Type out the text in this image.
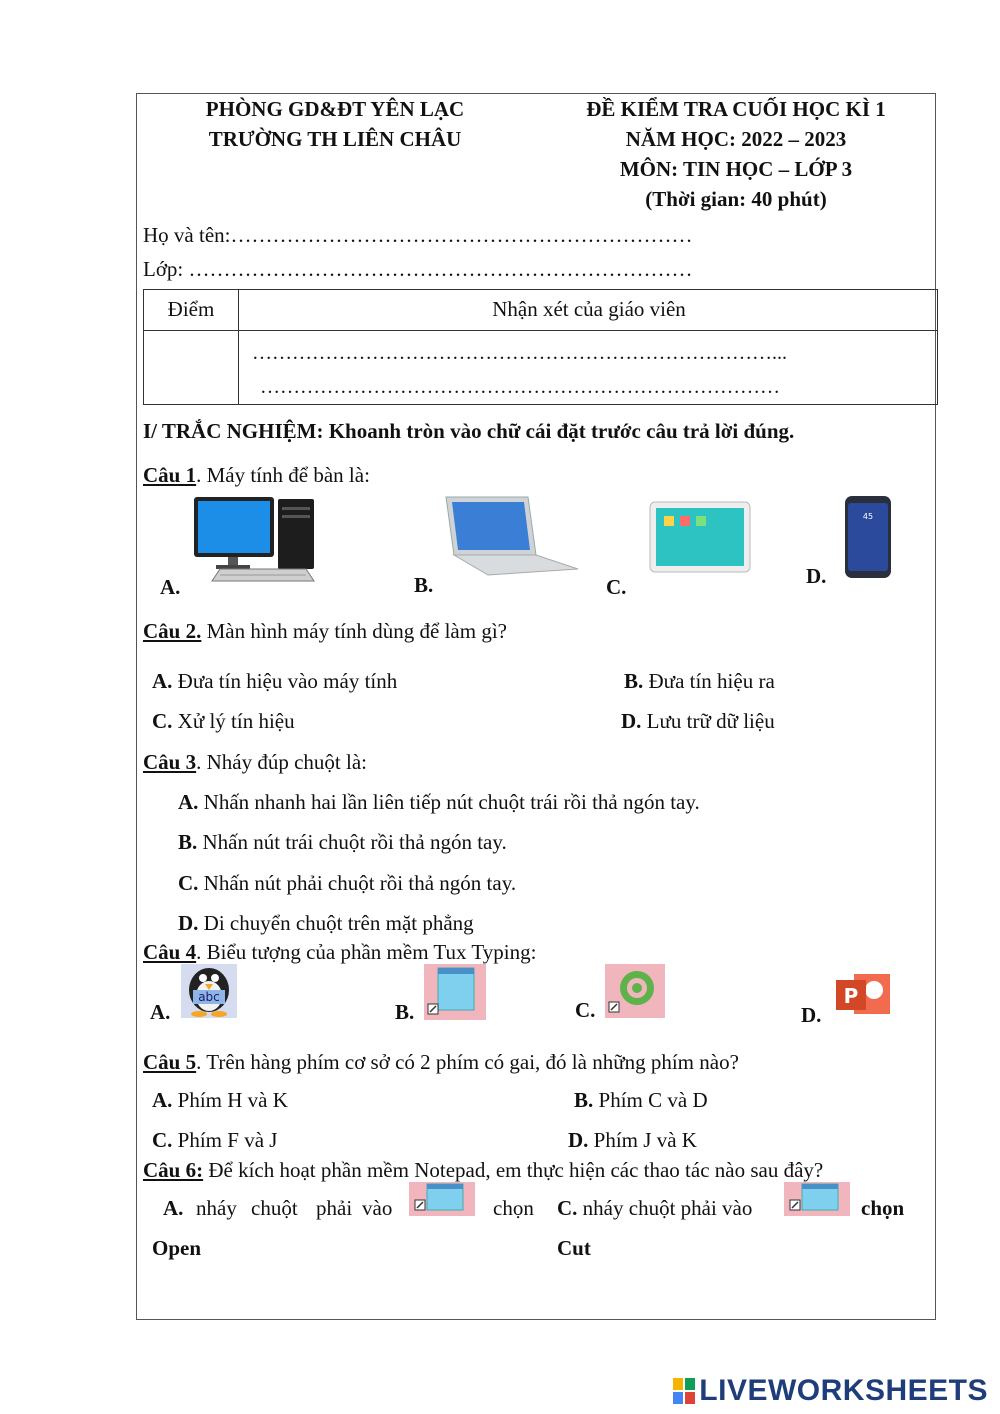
PHÒNG GD&ĐT YÊN LẠC
TRƯỜNG TH LIÊN CHÂU
ĐỀ KIỂM TRA CUỐI HỌC KÌ 1
NĂM HỌC: 2022 – 2023
MÔN: TIN HỌC – LỚP 3
(Thời gian: 40 phút)
Họ và tên:…………………………………………………………
Lớp: ………………………………………………………………
Điểm	Nhận xét của giáo viên
……………………………………………………………………...
……………………………………………………………………
I/ TRẮC NGHIỆM: Khoanh tròn vào chữ cái đặt trước câu trả lời đúng.
Câu 1. Máy tính để bàn là:
A.	B.	C.
45
D.
Câu 2. Màn hình máy tính dùng để làm gì?
A. Đưa tín hiệu vào máy tính	B. Đưa tín hiệu ra
C. Xử lý tín hiệu	D. Lưu trữ dữ liệu
Câu 3. Nháy đúp chuột là:
A. Nhấn nhanh hai lần liên tiếp nút chuột trái rồi thả ngón tay.
B. Nhấn nút trái chuột rồi thả ngón tay.
C. Nhấn nút phải chuột rồi thả ngón tay.
D. Di chuyển chuột trên mặt phẳng
Câu 4. Biểu tượng của phần mềm Tux Typing:
A.
abc
B.	C.	D.
P
Câu 5. Trên hàng phím cơ sở có 2 phím có gai, đó là những phím nào?
A. Phím H và K	B. Phím C và D
C. Phím F và J	D. Phím J và K
Câu 6: Để kích hoạt phần mềm Notepad, em thực hiện các thao tác nào sau đây?
A. nháy chuột phải vào	chọn
Open
C. nháy chuột phải vào	chọn
Cut
LIVEWORKSHEETS
